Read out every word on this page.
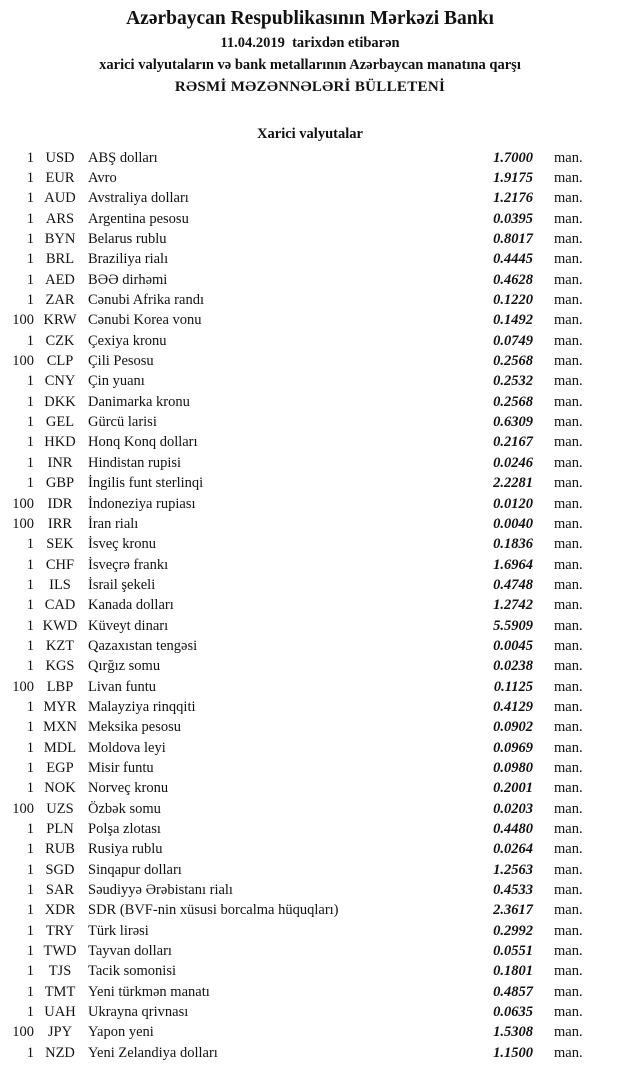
Azərbaycan Respublikasının Mərkəzi Bankı
11.04.2019  tarixdən etibarən
xarici valyutaların və bank metallarının Azərbaycan manatına qarşı
RƏSMİ MƏZƏNNƏLƏRİ BÜLLETENİ
Xarici valyutalar
1 USD ABŞ dolları	1.7000 man.
1 EUR Avro	1.9175 man.
1 AUD Avstraliya dolları	1.2176 man.
1 ARS Argentina pesosu	0.0395 man.
1 BYN Belarus rublu	0.8017 man.
1 BRL Braziliya rialı	0.4445 man.
1 AED BƏƏ dirhəmi	0.4628 man.
1 ZAR Cənubi Afrika randı	0.1220 man.
100 KRW Cənubi Korea vonu	0.1492 man.
1 CZK Çexiya kronu	0.0749 man.
100 CLP	Çili Pesosu	0.2568 man.
1 CNY Çin yuanı	0.2532 man.
1 DKK Danimarka kronu	0.2568 man.
1 GEL Gürcü larisi	0.6309 man.
1 HKD Honq Konq dolları	0.2167 man.
1 INR	Hindistan rupisi	0.0246 man.
1 GBP İngilis funt sterlinqi	2.2281 man.
100 IDR	İndoneziya rupiası	0.0120 man.
100 IRR	İran rialı	0.0040 man.
1 SEK İsveç kronu	0.1836 man.
1 CHF İsveçrə frankı	1.6964 man.
1	ILS	İsrail şekeli	0.4748 man.
1 CAD Kanada dolları	1.2742 man.
1 KWD Küveyt dinarı	5.5909 man.
1 KZT Qazaxıstan tengəsi	0.0045 man.
1 KGS Qırğız somu	0.0238 man.
100 LBP	Livan funtu	0.1125 man.
1 MYR Malayziya rinqqiti	0.4129 man.
1 MXN Meksika pesosu	0.0902 man.
1 MDL Moldova leyi	0.0969 man.
1 EGP Misir funtu	0.0980 man.
1 NOK Norveç kronu	0.2001 man.
100 UZS Özbək somu	0.0203 man.
1 PLN Polşa zlotası	0.4480 man.
1 RUB Rusiya rublu	0.0264 man.
1 SGD Sinqapur dolları	1.2563 man.
1 SAR Səudiyyə Ərəbistanı rialı	0.4533 man.
1 XDR SDR (BVF-nin xüsusi borcalma hüquqları)	2.3617 man.
1 TRY Türk lirəsi	0.2992 man.
1 TWD Tayvan dolları	0.0551 man.
1	TJS	Tacik somonisi	0.1801 man.
1 TMT Yeni türkmən manatı	0.4857 man.
1 UAH Ukrayna qrivnası	0.0635 man.
100 JPY	Yapon yeni	1.5308 man.
1 NZD Yeni Zelandiya dolları	1.1500 man.
